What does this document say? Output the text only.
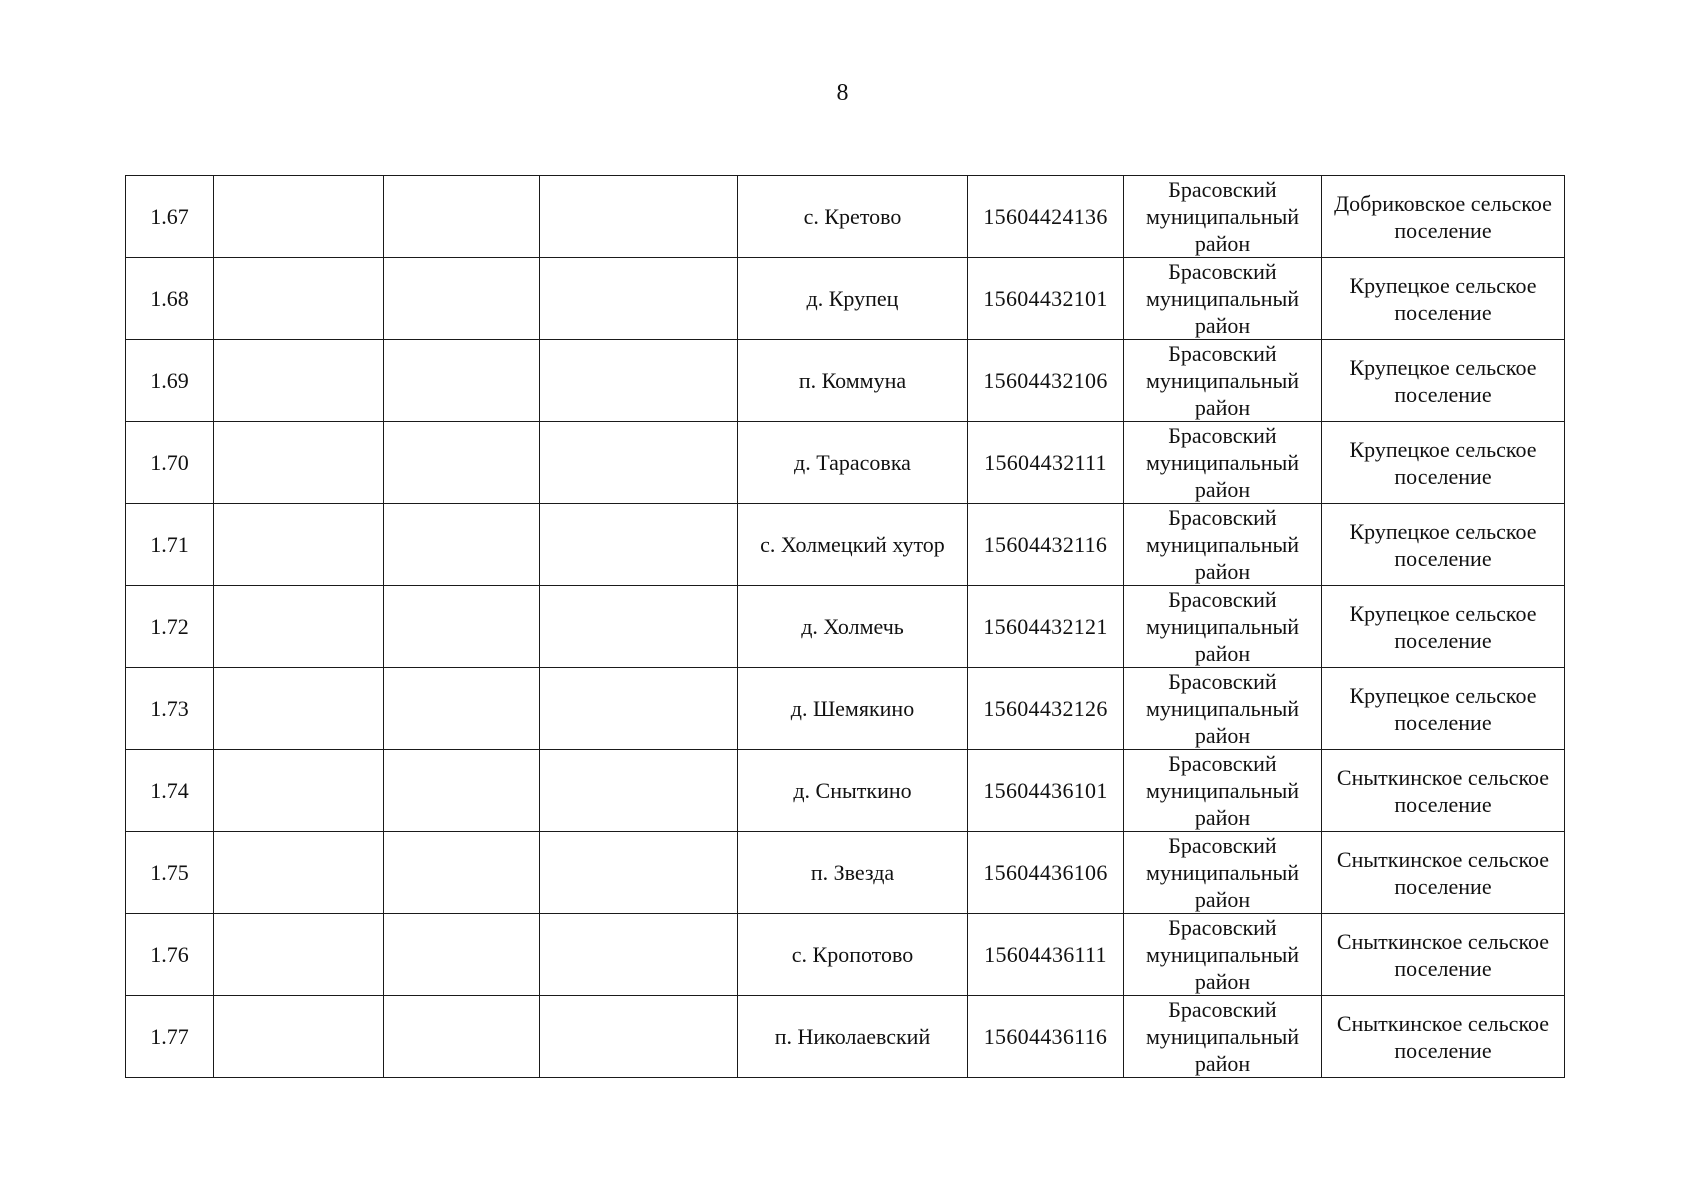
8
1.67				с. Кретово	15604424136	Брасовский муниципальный район	Добриковское сельское поселение
1.68				д. Крупец	15604432101	Брасовский муниципальный район	Крупецкое сельское поселение
1.69				п. Коммуна	15604432106	Брасовский муниципальный район	Крупецкое сельское поселение
1.70				д. Тарасовка	15604432111	Брасовский муниципальный район	Крупецкое сельское поселение
1.71				с. Холмецкий хутор	15604432116	Брасовский муниципальный район	Крупецкое сельское поселение
1.72				д. Холмечь	15604432121	Брасовский муниципальный район	Крупецкое сельское поселение
1.73				д. Шемякино	15604432126	Брасовский муниципальный район	Крупецкое сельское поселение
1.74				д. Сныткино	15604436101	Брасовский муниципальный район	Сныткинское сельское поселение
1.75				п. Звезда	15604436106	Брасовский муниципальный район	Сныткинское сельское поселение
1.76				с. Кропотово	15604436111	Брасовский муниципальный район	Сныткинское сельское поселение
1.77				п. Николаевский	15604436116	Брасовский муниципальный район	Сныткинское сельское поселение
